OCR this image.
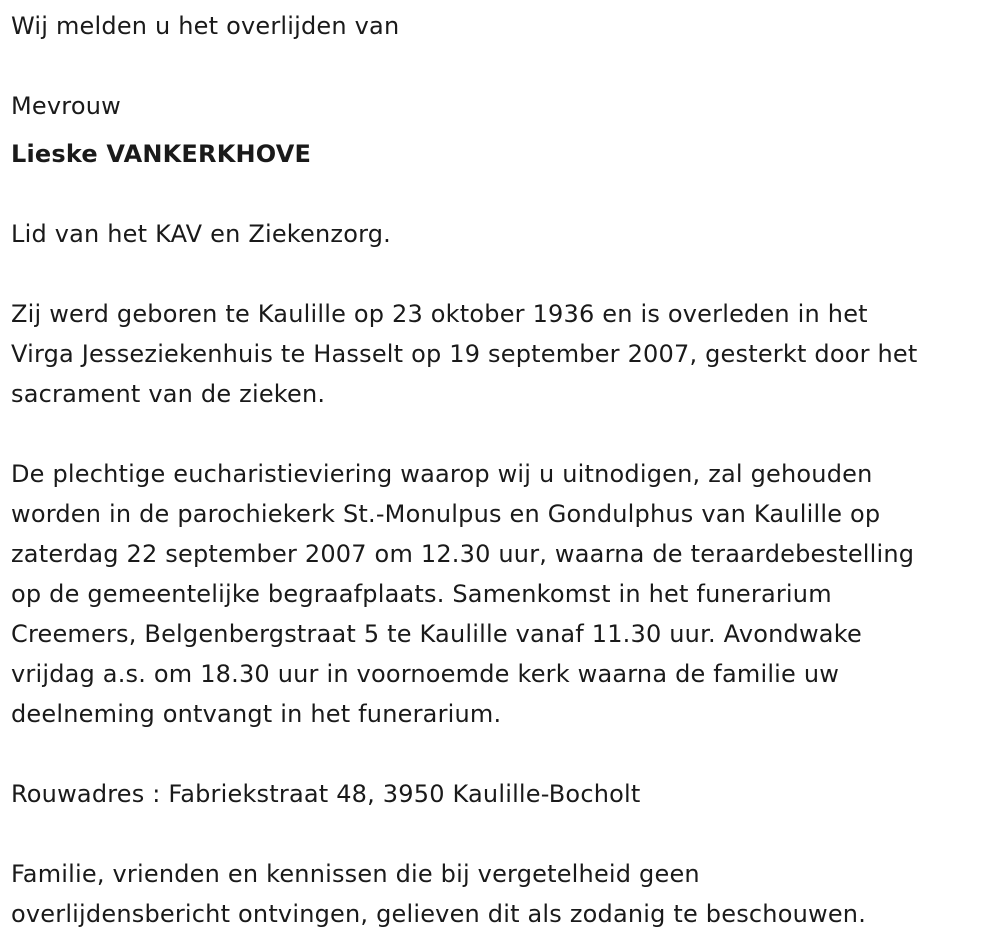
Wij melden u het overlijden van
Mevrouw
Lieske VANKERKHOVE
Lid van het KAV en Ziekenzorg.
Zij werd geboren te Kaulille op 23 oktober 1936 en is overleden in het
Virga Jesseziekenhuis te Hasselt op 19 september 2007, gesterkt door het
sacrament van de zieken.
De plechtige eucharistieviering waarop wij u uitnodigen, zal gehouden
worden in de parochiekerk St.-Monulpus en Gondulphus van Kaulille op
zaterdag 22 september 2007 om 12.30 uur, waarna de teraardebestelling
op de gemeentelijke begraafplaats. Samenkomst in het funerarium
Creemers, Belgenbergstraat 5 te Kaulille vanaf 11.30 uur. Avondwake
vrijdag a.s. om 18.30 uur in voornoemde kerk waarna de familie uw
deelneming ontvangt in het funerarium.
Rouwadres : Fabriekstraat 48, 3950 Kaulille-Bocholt
Familie, vrienden en kennissen die bij vergetelheid geen
overlijdensbericht ontvingen, gelieven dit als zodanig te beschouwen.
